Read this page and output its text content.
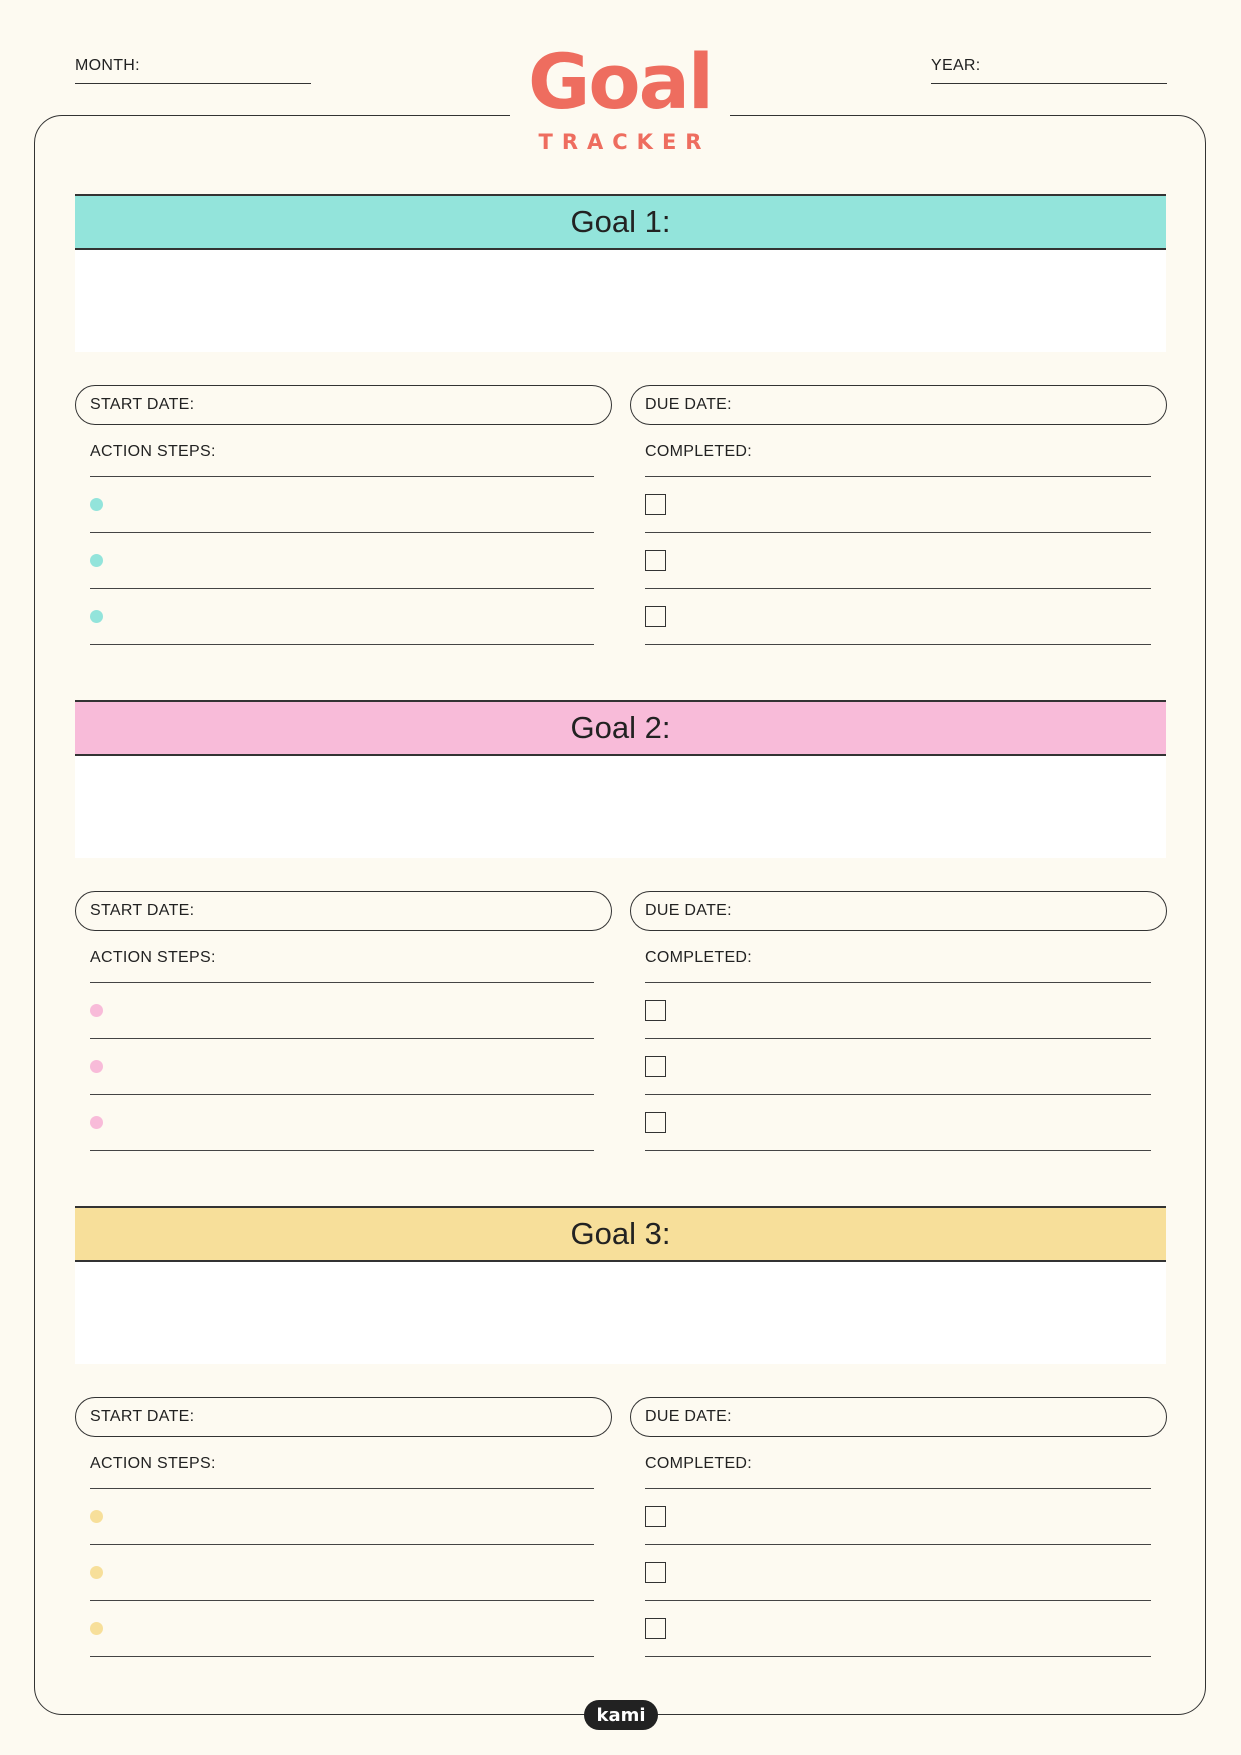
MONTH:	YEAR:
Goal
TRACKER
Goal 1:
START DATE:	DUE DATE:
ACTION STEPS:	COMPLETED:
Goal 2:
START DATE:	DUE DATE:
ACTION STEPS:	COMPLETED:
Goal 3:
START DATE:	DUE DATE:
ACTION STEPS:	COMPLETED:
kami
